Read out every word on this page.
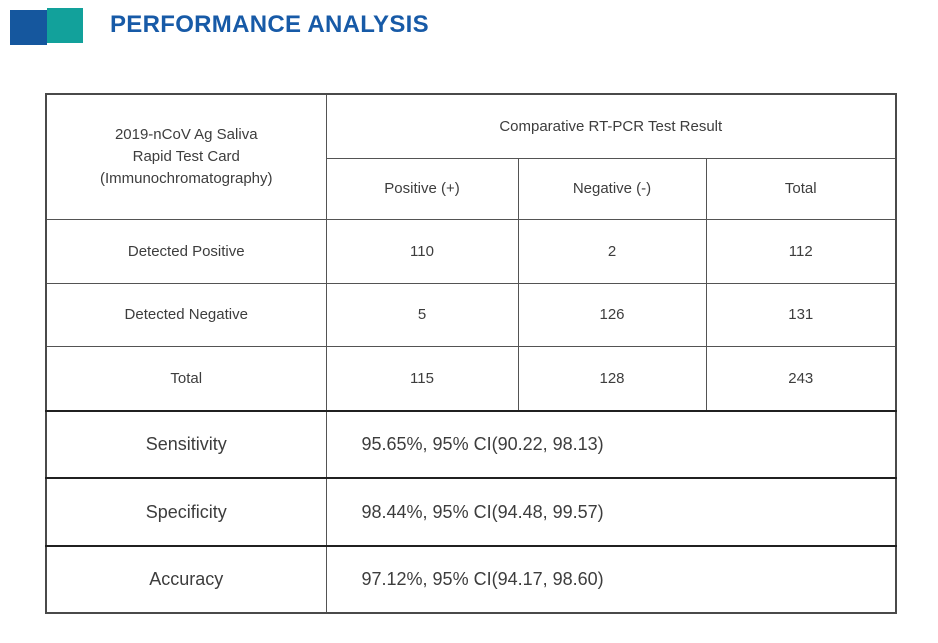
PERFORMANCE ANALYSIS
2019-nCoV Ag Saliva
Rapid Test Card
(Immunochromatography)	Comparative RT-PCR Test Result		
	Positive (+)	Negative (-)	Total
Detected Positive	110	2	112
Detected Negative	5	126	131
Total	115	128	243
Sensitivity	95.65%, 95% CI(90.22, 98.13)		
Specificity	98.44%, 95% CI(94.48, 99.57)		
Accuracy	97.12%, 95% CI(94.17, 98.60)		
